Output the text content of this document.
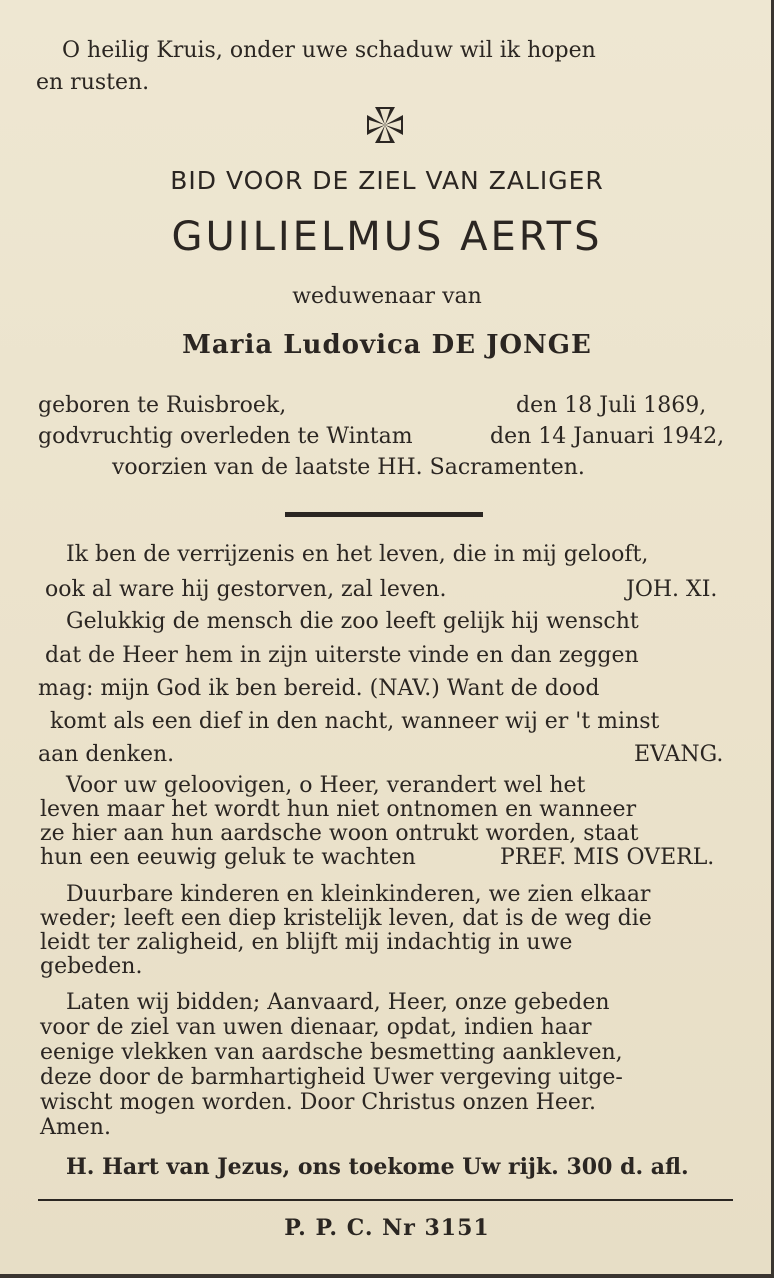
O heilig Kruis, onder uwe schaduw wil ik hopen
en rusten.
BID VOOR DE ZIEL VAN ZALIGER
GUILIELMUS AERTS
weduwenaar van
Maria Ludovica DE JONGE
geboren te Ruisbroek,	den 18 Juli 1869,
godvruchtig overleden te Wintam	den 14 Januari 1942,
voorzien van de laatste HH. Sacramenten.
Ik ben de verrijzenis en het leven, die in mij gelooft,
ook al ware hij gestorven, zal leven.	JOH. XI.
Gelukkig de mensch die zoo leeft gelijk hij wenscht
dat de Heer hem in zijn uiterste vinde en dan zeggen
mag: mijn God ik ben bereid. (NAV.) Want de dood
komt als een dief in den nacht, wanneer wij er 't minst
aan denken.	EVANG.
Voor uw geloovigen, o Heer, verandert wel het
leven maar het wordt hun niet ontnomen en wanneer
ze hier aan hun aardsche woon ontrukt worden, staat
hun een eeuwig geluk te wachten	PREF. MIS OVERL.
Duurbare kinderen en kleinkinderen, we zien elkaar
weder; leeft een diep kristelijk leven, dat is de weg die
leidt ter zaligheid, en blijft mij indachtig in uwe
gebeden.
Laten wij bidden; Aanvaard, Heer, onze gebeden
voor de ziel van uwen dienaar, opdat, indien haar
eenige vlekken van aardsche besmetting aankleven,
deze door de barmhartigheid Uwer vergeving uitge-
wischt mogen worden. Door Christus onzen Heer.
Amen.
H. Hart van Jezus, ons toekome Uw rijk. 300 d. afl.
P. P. C. Nr 3151
